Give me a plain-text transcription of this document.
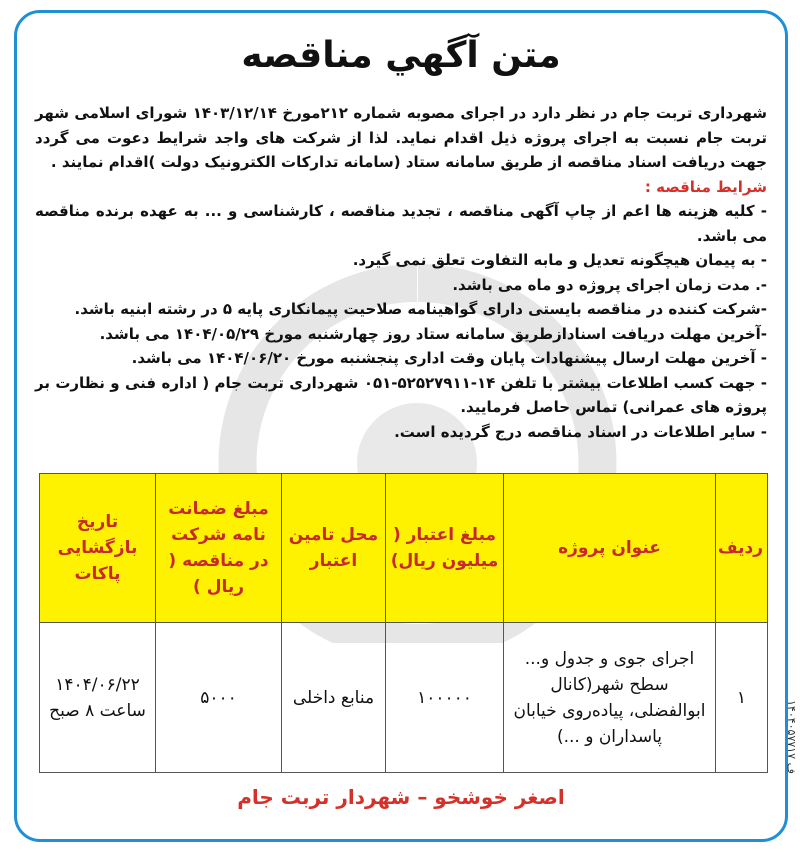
متن آگهي مناقصه

شهرداری تربت جام در نظر دارد در اجرای مصوبه شماره ۲۱۲مورخ ۱۴۰۳/۱۲/۱۴ شورای اسلامی شهر تربت جام نسبت به اجرای پروژه ذیل اقدام نماید. لذا از شرکت های واجد شرایط دعوت می گردد جهت دریافت اسناد مناقصه از طریق سامانه ستاد (سامانه تدارکات الکترونیک دولت )اقدام نمایند .

شرایط مناقصه :

- کلیه هزینه ها اعم از چاپ آگهی مناقصه ، تجدید مناقصه ، کارشناسی و ... به عهده برنده مناقصه می باشد.

- به پیمان هیچگونه تعدیل و مابه التفاوت تعلق نمی گیرد.

-. مدت زمان اجرای پروژه دو ماه می باشد.

-شرکت کننده در مناقصه بایستی دارای گواهینامه صلاحیت پیمانکاری پایه ۵ در رشته ابنیه باشد.

-آخرین مهلت دریافت اسنادازطریق سامانه ستاد روز چهارشنبه مورخ ۱۴۰۴/۰۵/۲۹ می باشد.

- آخرین مهلت ارسال پیشنهادات پایان وقت اداری پنجشنبه مورخ ۱۴۰۴/۰۶/۲۰ می باشد.

- جهت کسب اطلاعات بیشتر با تلفن ۱۴-۵۲۵۲۷۹۱۱-۰۵۱ شهرداری تربت جام ( اداره فنی و نظارت بر پروژه های عمرانی) تماس حاصل فرمایید.

- سایر اطلاعات در اسناد مناقصه درج گردیده است.

ردیف	عنوان پروژه	مبلغ اعتبار ( میلیون ریال)	محل تامین اعتبار	مبلغ ضمانت نامه شرکت در مناقصه ( ریال )	تاریخ بازگشایی پاکات
۱	اجرای جوی و جدول و... سطح شهر(کانال ابوالفضلی، پیاده‌روی خیابان پاسداران و ...)	۱۰۰۰۰۰	منابع داخلی	۵۰۰۰	۱۴۰۴/۰۶/۲۲
ساعت ۸ صبح
اصغر خوشخو – شهردار تربت جام
۱۴۰۴۰۵۷۷۱۷ ف
